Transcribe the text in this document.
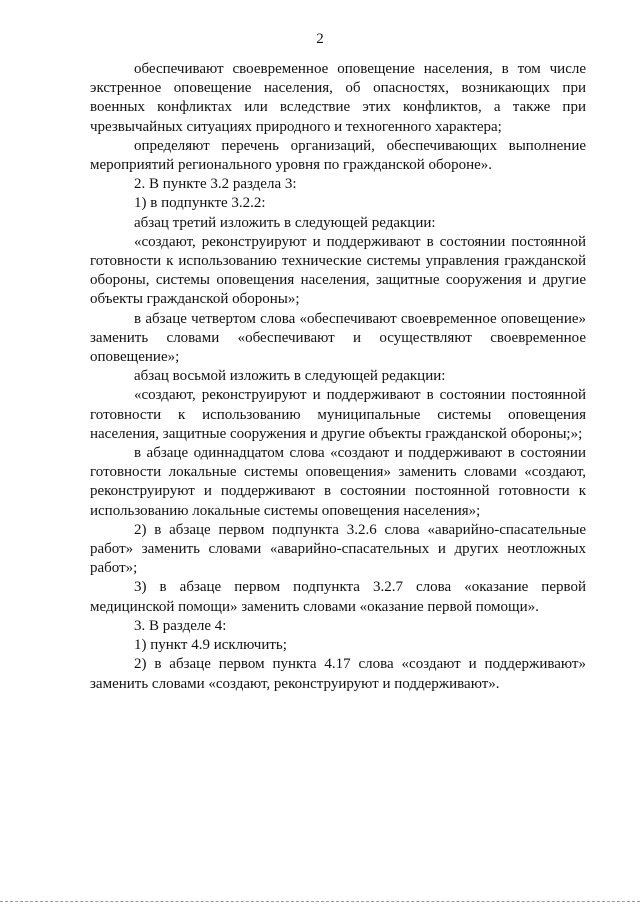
2

обеспечивают своевременное оповещение населения, в том числе экстренное оповещение населения, об опасностях, возникающих при военных конфликтах или вследствие этих конфликтов, а также при чрезвычайных ситуациях природного и техногенного характера;

определяют перечень организаций, обеспечивающих выполнение мероприятий регионального уровня по гражданской обороне».

2. В пункте 3.2 раздела 3:

1) в подпункте 3.2.2:

абзац третий изложить в следующей редакции:

«создают, реконструируют и поддерживают в состоянии постоянной готовности к использованию технические системы управления гражданской обороны, системы оповещения населения, защитные сооружения и другие объекты гражданской обороны»;

в абзаце четвертом слова «обеспечивают своевременное оповещение» заменить словами «обеспечивают и осуществляют своевременное оповещение»;

абзац восьмой изложить в следующей редакции:

«создают, реконструируют и поддерживают в состоянии постоянной готовности к использованию муниципальные системы оповещения населения, защитные сооружения и другие объекты гражданской обороны;»;

в абзаце одиннадцатом слова «создают и поддерживают в состоянии готовности локальные системы оповещения» заменить словами «создают, реконструируют и поддерживают в состоянии постоянной готовности к использованию локальные системы оповещения населения»;

2) в абзаце первом подпункта 3.2.6 слова «аварийно-спасательные работ» заменить словами «аварийно-спасательных и других неотложных работ»;

3) в абзаце первом подпункта 3.2.7 слова «оказание первой медицинской помощи» заменить словами «оказание первой помощи».

3. В разделе 4:

1) пункт 4.9 исключить;

2) в абзаце первом пункта 4.17 слова «создают и поддерживают» заменить словами «создают, реконструируют и поддерживают».
